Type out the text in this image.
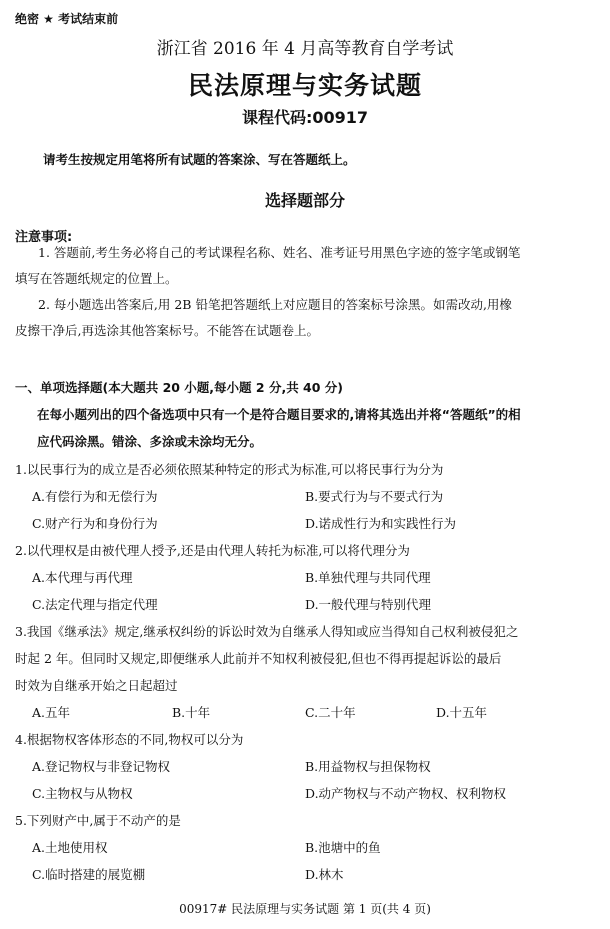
绝密 ★ 考试结束前
浙江省 2016 年 4 月高等教育自学考试
民法原理与实务试题
课程代码:00917
请考生按规定用笔将所有试题的答案涂、写在答题纸上。
选择题部分
注意事项:
1. 答题前,考生务必将自己的考试课程名称、姓名、准考证号用黑色字迹的签字笔或钢笔
填写在答题纸规定的位置上。
2. 每小题选出答案后,用 2B 铅笔把答题纸上对应题目的答案标号涂黑。如需改动,用橡
皮擦干净后,再选涂其他答案标号。不能答在试题卷上。
一、单项选择题(本大题共 20 小题,每小题 2 分,共 40 分)
在每小题列出的四个备选项中只有一个是符合题目要求的,请将其选出并将“答题纸”的相
应代码涂黑。错涂、多涂或未涂均无分。
1.以民事行为的成立是否必须依照某种特定的形式为标准,可以将民事行为分为
A.有偿行为和无偿行为	B.要式行为与不要式行为
C.财产行为和身份行为	D.诺成性行为和实践性行为
2.以代理权是由被代理人授予,还是由代理人转托为标准,可以将代理分为
A.本代理与再代理	B.单独代理与共同代理
C.法定代理与指定代理	D.一般代理与特别代理
3.我国《继承法》规定,继承权纠纷的诉讼时效为自继承人得知或应当得知自己权利被侵犯之
时起 2 年。但同时又规定,即便继承人此前并不知权利被侵犯,但也不得再提起诉讼的最后
时效为自继承开始之日起超过
A.五年	B.十年	C.二十年	D.十五年
4.根据物权客体形态的不同,物权可以分为
A.登记物权与非登记物权	B.用益物权与担保物权
C.主物权与从物权	D.动产物权与不动产物权、权利物权
5.下列财产中,属于不动产的是
A.土地使用权	B.池塘中的鱼
C.临时搭建的展览棚	D.林木
00917# 民法原理与实务试题 第 1 页(共 4 页)
